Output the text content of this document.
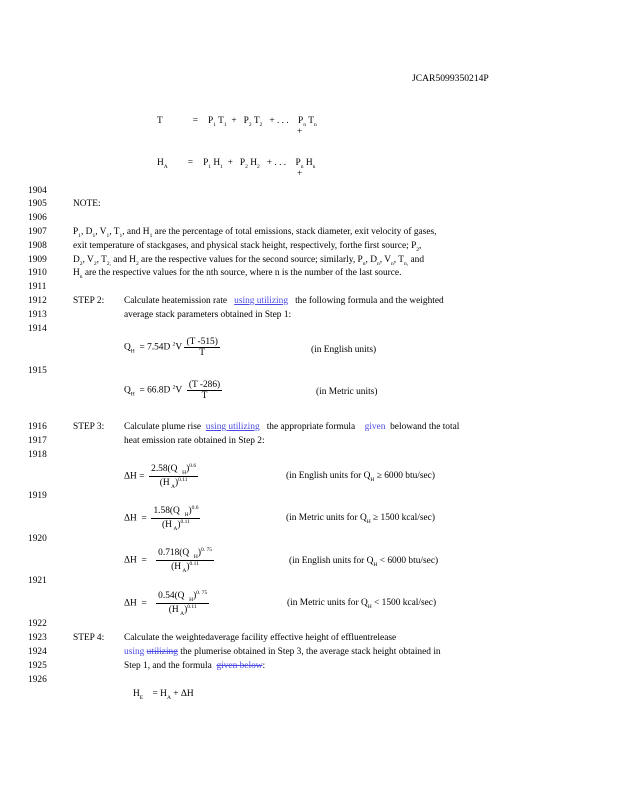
JCAR5099350214P
T	= $P_1$ $T_1 + P_2$ $T_2$   + . . .    $P_n$ $T_n$
+
$H_A = P_1$ $H_1 + P_2$ $H_2$   + . . .    $P_n$ $H_n$
+
1904
1905
1906
1907
1908
1909
1910
1911
1912
1913
1914
1915
1916
1917
1918
1919
1920
1921
1922
1923
1924
1925
1926
NOTE:
$P_1$, $D_1$, $V_1$, $T_1$, and $H_1$ are the percentage of total emissions, stack diameter, exit velocity of gases,
exit temperature of stackgases, and physical stack height, respectively, forthe first source; $P_2$,
$D_2$, $V_2$, $T_{2,}$ and $H_2$ are the respective values for the second source; similarly, $P_n$, $D_n$, $V_n$, $T_{n,}$ and
$H_n$ are the respective values for the nth source, where n is the number of the last source.
STEP 2: Calculate heatemission rate using utilizing the following formula and the weighted
average stack parameters obtained in Step 1:
$Q_H = 7.54D$ $^2V \frac{(T -515)}{T}$	(in English units)
$Q_H = 66.8D$ $^2V \frac{(T -286)}{T}$	(in Metric units)
STEP 3: Calculate plume rise using utilizing the appropriate formula given belowand the total
heat emission rate obtained in Step 2:
$\Delta H = \frac{2.58(Q _H)^{0.6}}{(H _A)^{0.11}}$	(in English units for $Q_H \ge 6000$ btu/sec)
$\Delta H = \frac{1.58(Q _H)^{0.6}}{(H _A)^{0.11}}$	(in Metric units for $Q_H \ge 1500$ kcal/sec)
$\Delta H = \frac{0.718(Q _H)^{0. 75}}{(H _A)^{0.11}}$	(in English units for $Q_H < 6000$ btu/sec)
$\Delta H = \frac{0.54(Q _H)^{0. 75}}{(H _A)^{0.11}}$	(in Metric units for $Q_H < 1500$ kcal/sec)
STEP 4: Calculate the weightedaverage facility effective height of effluentrelease
using utilizing the plumerise obtained in Step 3, the average stack height obtained in
Step 1, and the formula given below:
$H_E = H_A + \Delta H$
